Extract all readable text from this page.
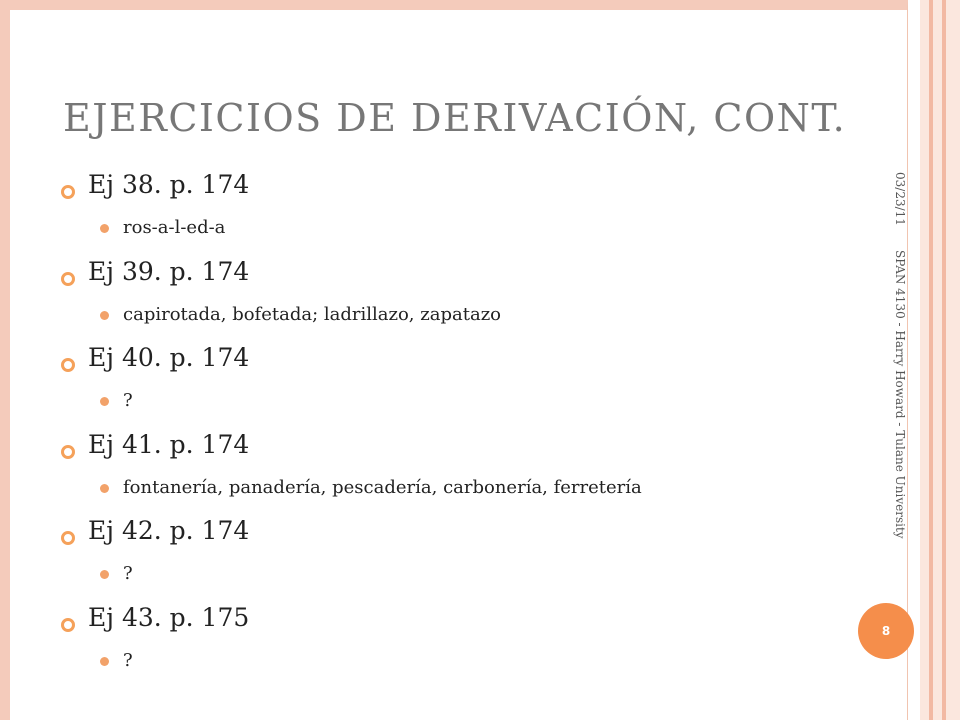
EJERCICIOS DE DERIVACIÓN, CONT.
Ej 38. p. 174
ros-a-l-ed-a
Ej 39. p. 174
capirotada, bofetada; ladrillazo, zapatazo
Ej 40. p. 174
?
Ej 41. p. 174
fontanería, panadería, pescadería, carbonería, ferretería
Ej 42. p. 174
?
Ej 43. p. 175
?
03/23/11
SPAN 4130 - Harry Howard - Tulane University
8
